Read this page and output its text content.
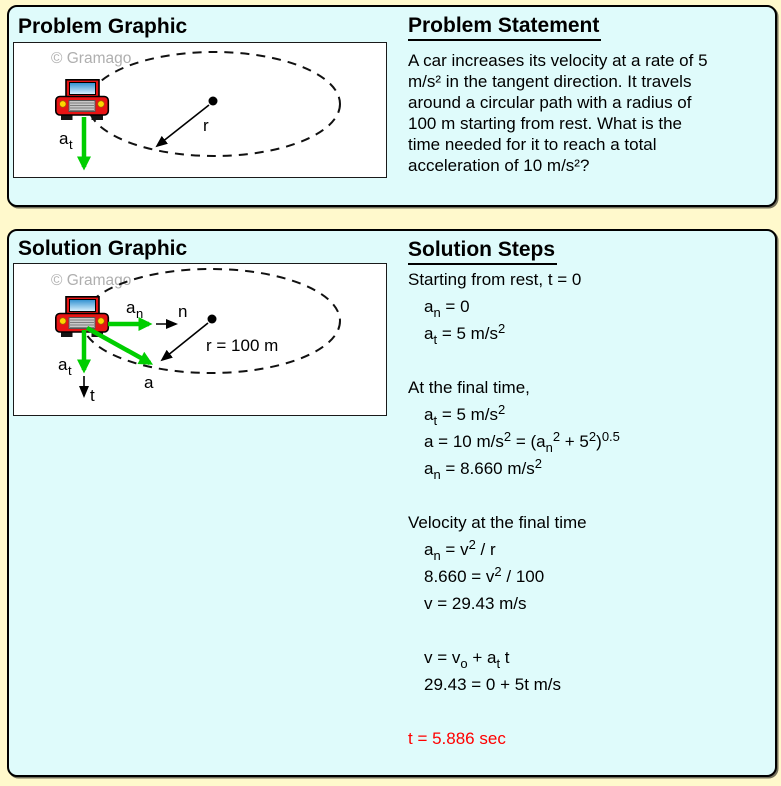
Problem Graphic
© Gramago
r
a t
Problem Statement
A car increases its velocity at a rate of 5
m/s² in the tangent direction. It travels
around a circular path with a radius of
100 m starting from rest. What is the
time needed for it to reach a total
acceleration of 10 m/s²?
Solution Graphic
© Gramago
r = 100 m
a n n
a t
t
a
Solution Steps
Starting from rest, t = 0
$a_n = 0$
$a_t = 5$ $m/s^2$
At the final time,
$a_t = 5$ $m/s^2$
a = 10 $m/s^2 = (a_n^2 + 5^2)^{0.5}$
$a_n = 8.660$ $m/s^2$
Velocity at the final time
$a_n = v^2 / r$
$8.660 = v^2 / 100$
v = 29.43 m/s
$v = v_o + a_t$ t
29.43 = 0 + 5t m/s
t = 5.886 sec
